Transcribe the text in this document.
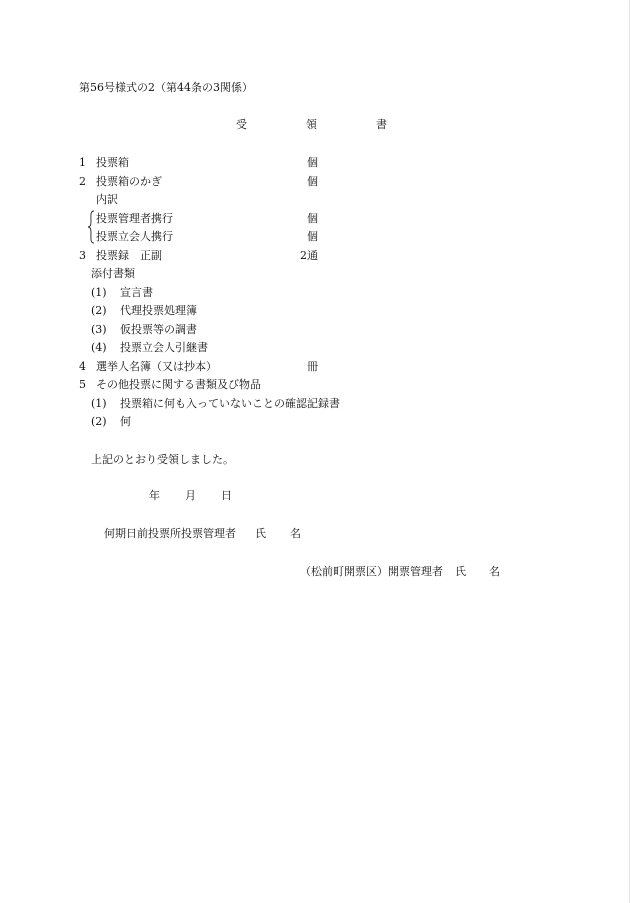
第56号様式の2（第44条の3関係）
受	領	書
1 投票箱	個
2 投票箱のかぎ	個
内訳
投票管理者携行	個
投票立会人携行	個
3 投票録　正副	2通
添付書類
(1) 宣言書
(2) 代理投票処理簿
(3) 仮投票等の調書
(4) 投票立会人引継書
4 選挙人名簿（又は抄本）	冊
5 その他投票に関する書類及び物品
(1) 投票箱に何も入っていないことの確認記録書
(2) 何
上記のとおり受領しました。
年 月 日
何期日前投票所投票管理者 氏 名
（松前町開票区）開票管理者 氏 名
